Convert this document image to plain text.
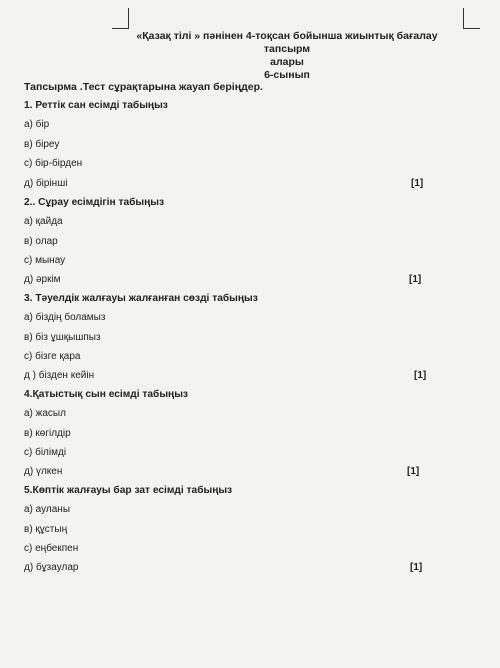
«Қазақ тілі » пәнінен 4-тоқсан бойынша жиынтық бағалау тапсырм
алары
6-сынып
Тапсырма .Тест сұрақтарына жауап беріңдер.
1. Реттік сан есімді табыңыз
а) бір
в) біреу
с) бір-бірден
д) бірінші	[1]
2.. Сұрау есімдігін табыңыз
а) қайда
в) олар
с) мынау
д) әркім	[1]
3. Тәуелдік жалғауы жалғанған сөзді табыңыз
а) біздің боламыз
в) біз ұшқышпыз
с) бізге қара
д ) бізден кейін	[1]
4.Қатыстық сын есімді табыңыз
а) жасыл
в) көгілдір
с) білімді
д) үлкен	[1]
5.Көптік жалғауы бар зат есімді табыңыз
а) ауланы
в) құстың
с) еңбекпен
д) бұзаулар	[1]
